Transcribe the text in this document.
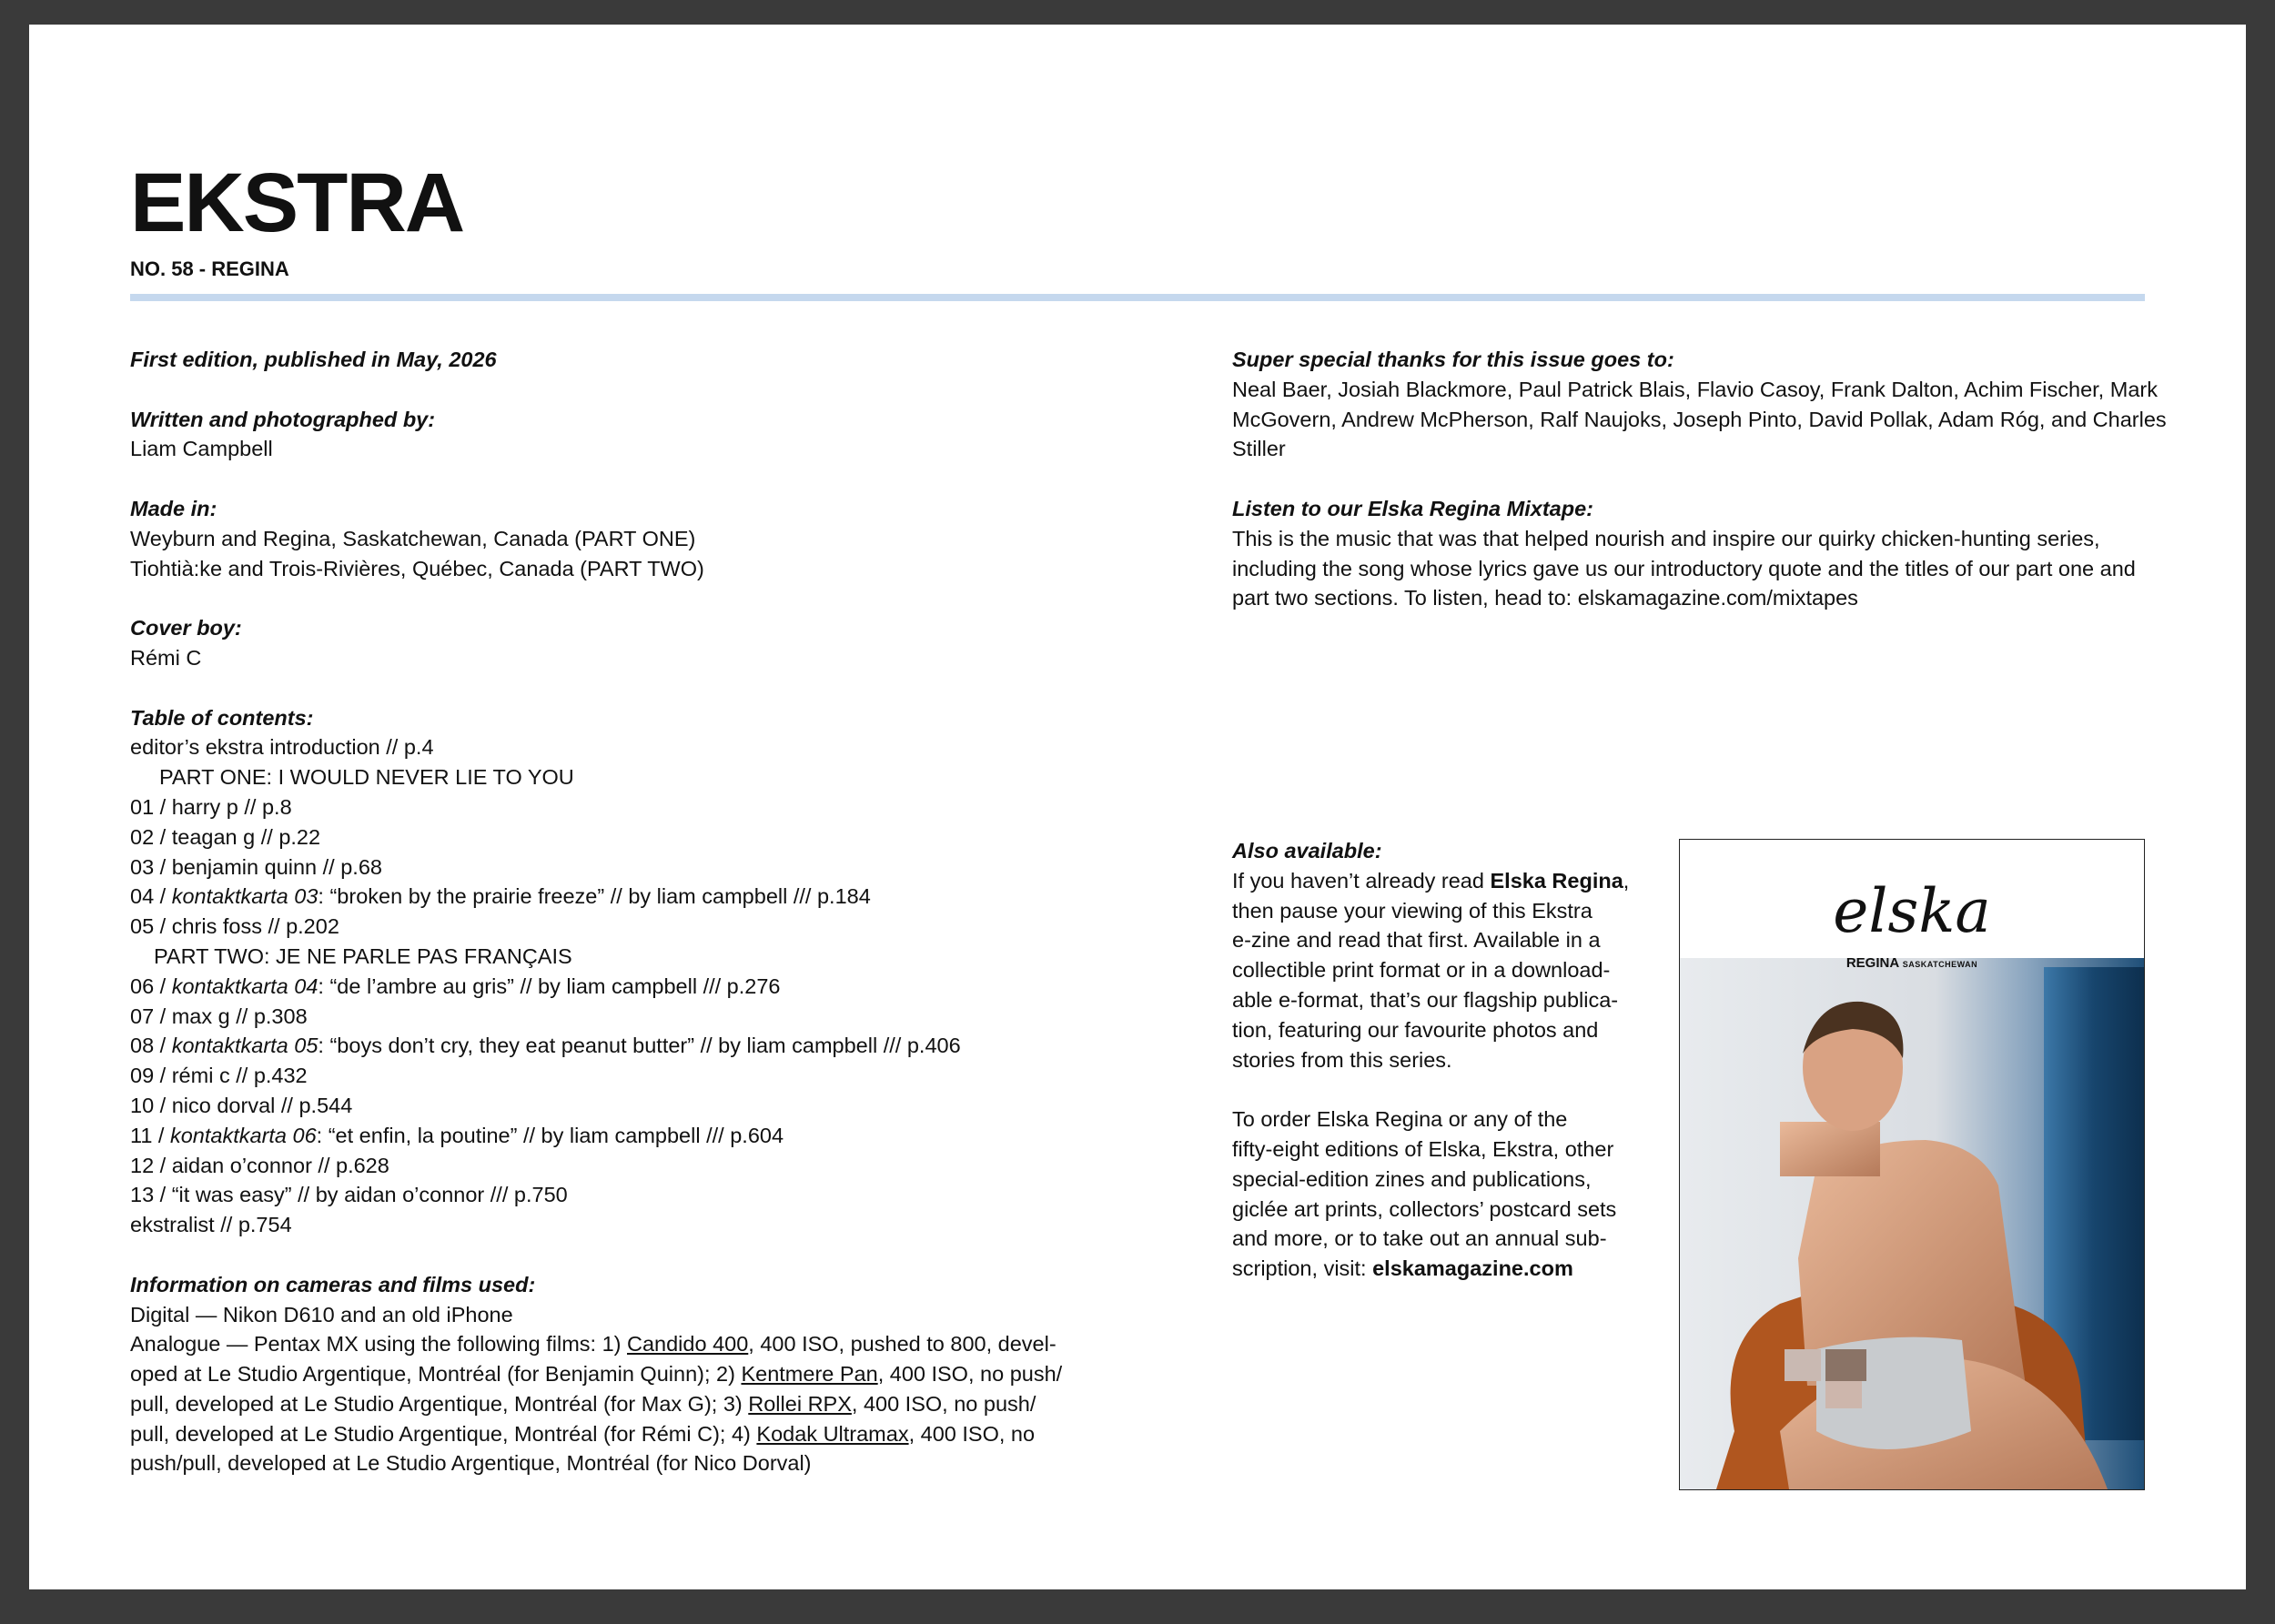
EKSTRA
NO. 58 - REGINA
First edition, published in May, 2026
Written and photographed by:
Liam Campbell
Made in:
Weyburn and Regina, Saskatchewan, Canada (PART ONE)
Tiohtià:ke and Trois-Rivières, Québec, Canada (PART TWO)
Cover boy:
Rémi C
Table of contents:
editor’s ekstra introduction // p.4
PART ONE: I WOULD NEVER LIE TO YOU
01 / harry p // p.8
02 / teagan g // p.22
03 / benjamin quinn // p.68
04 / kontaktkarta 03: “broken by the prairie freeze” // by liam campbell /// p.184
05 / chris foss // p.202
PART TWO: JE NE PARLE PAS FRANÇAIS
06 / kontaktkarta 04: “de l’ambre au gris” // by liam campbell /// p.276
07 / max g // p.308
08 / kontaktkarta 05: “boys don’t cry, they eat peanut butter” // by liam campbell /// p.406
09 / rémi c // p.432
10 / nico dorval // p.544
11 / kontaktkarta 06: “et enfin, la poutine” // by liam campbell /// p.604
12 / aidan o’connor // p.628
13 / “it was easy” // by aidan o’connor /// p.750
ekstralist // p.754
Information on cameras and films used:
Digital — Nikon D610 and an old iPhone
Analogue — Pentax MX using the following films: 1) Candido 400, 400 ISO, pushed to 800, devel-
oped at Le Studio Argentique, Montréal (for Benjamin Quinn); 2) Kentmere Pan, 400 ISO, no push/
pull, developed at Le Studio Argentique, Montréal (for Max G); 3) Rollei RPX, 400 ISO, no push/
pull, developed at Le Studio Argentique, Montréal (for Rémi C); 4) Kodak Ultramax, 400 ISO, no
push/pull, developed at Le Studio Argentique, Montréal (for Nico Dorval)
Super special thanks for this issue goes to:
Neal Baer, Josiah Blackmore, Paul Patrick Blais, Flavio Casoy, Frank Dalton, Achim Fischer, Mark
McGovern, Andrew McPherson, Ralf Naujoks, Joseph Pinto, David Pollak, Adam Róg, and Charles
Stiller
Listen to our Elska Regina Mixtape:
This is the music that was that helped nourish and inspire our quirky chicken-hunting series,
including the song whose lyrics gave us our introductory quote and the titles of our part one and
part two sections. To listen, head to: elskamagazine.com/mixtapes
Also available:
If you haven’t already read Elska Regina,
then pause your viewing of this Ekstra
e-zine and read that first. Available in a
collectible print format or in a download-
able e-format, that’s our flagship publica-
tion, featuring our favourite photos and
stories from this series.
To order Elska Regina or any of the
fifty-eight editions of Elska, Ekstra, other
special-edition zines and publications,
giclée art prints, collectors’ postcard sets
and more, or to take out an annual sub-
scription, visit: elskamagazine.com
elska
REGINA SASKATCHEWAN
